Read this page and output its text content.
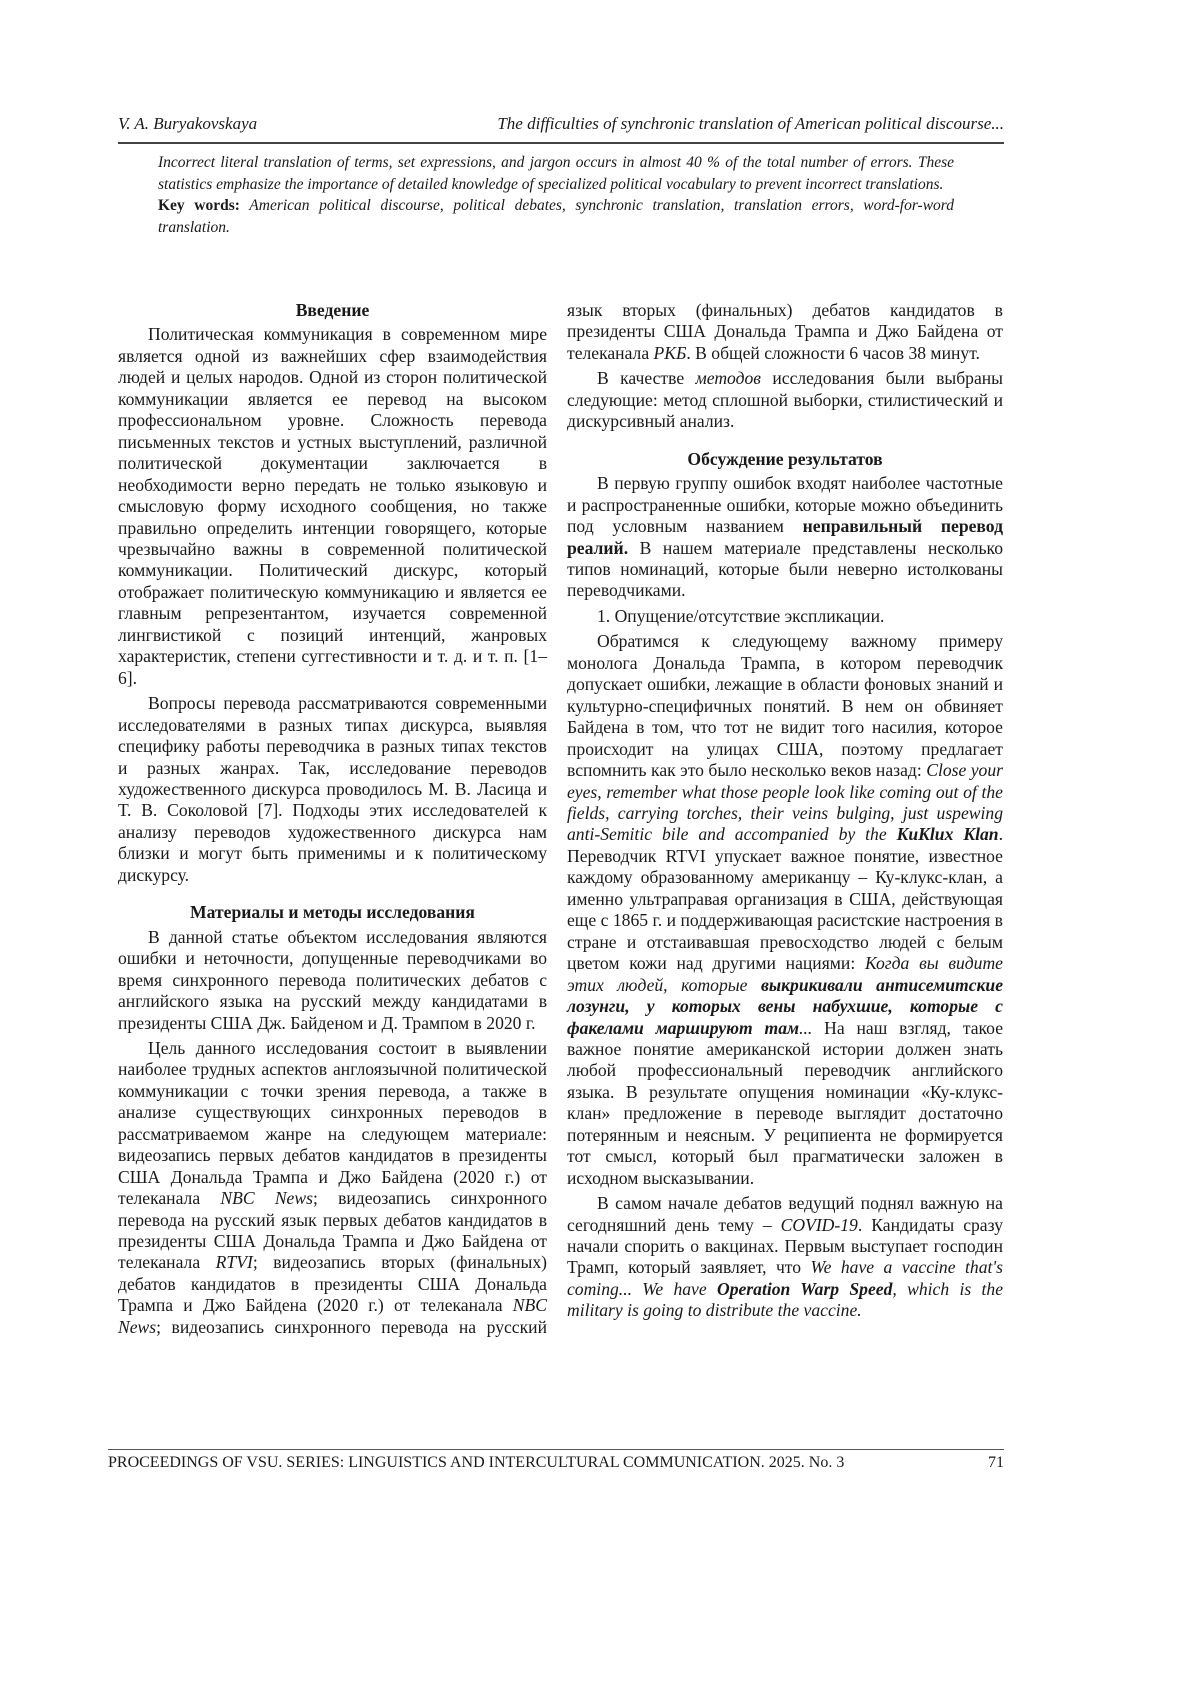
V. A. Buryakovskaya	The difficulties of synchronic translation of American political discourse...
Incorrect literal translation of terms, set expressions, and jargon occurs in almost 40 % of the total number of errors. These statistics emphasize the importance of detailed knowledge of specialized political vocabulary to prevent incorrect translations.
Key words: American political discourse, political debates, synchronic translation, translation errors, word-for-word translation.
Введение

Политическая коммуникация в современном мире является одной из важнейших сфер взаимодействия людей и целых народов. Одной из сторон политической коммуникации является ее перевод на высоком профессиональном уровне. Сложность перевода письменных текстов и устных выступлений, различной политической документации заключается в необходимости верно передать не только языковую и смысловую форму исходного сообщения, но также правильно определить интенции говорящего, которые чрезвычайно важны в современной политической коммуникации. Политический дискурс, который отображает политическую коммуникацию и является ее главным репрезентантом, изучается современной лингвистикой с позиций интенций, жанровых характеристик, степени суггестивности и т. д. и т. п. [1–6].

Вопросы перевода рассматриваются современными исследователями в разных типах дискурса, выявляя специфику работы переводчика в разных типах текстов и разных жанрах. Так, исследование переводов художественного дискурса проводилось М. В. Ласица и Т. В. Соколовой [7]. Подходы этих исследователей к анализу переводов художественного дискурса нам близки и могут быть применимы и к политическому дискурсу.

Материалы и методы исследования

В данной статье объектом исследования являются ошибки и неточности, допущенные переводчиками во время синхронного перевода политических дебатов с английского языка на русский между кандидатами в президенты США Дж. Байденом и Д. Трампом в 2020 г.

Цель данного исследования состоит в выявлении наиболее трудных аспектов англоязычной политической коммуникации с точки зрения перевода, а также в анализе существующих синхронных переводов в рассматриваемом жанре на следующем материале: видеозапись первых дебатов кандидатов в президенты США Дональда Трампа и Джо Байдена (2020 г.) от телеканала NBC News; видеозапись синхронного перевода на русский язык первых дебатов кандидатов в президенты США Дональда Трампа и Джо Байдена от телеканала RTVI; видеозапись вторых (финальных) дебатов кандидатов в президенты США Дональда Трампа и Джо Байдена (2020 г.) от телеканала NBC News; видеозапись синхронного перевода на русский

язык вторых (финальных) дебатов кандидатов в президенты США Дональда Трампа и Джо Байдена от телеканала РКБ. В общей сложности 6 часов 38 минут.

В качестве методов исследования были выбраны следующие: метод сплошной выборки, стилистический и дискурсивный анализ.

Обсуждение результатов

В первую группу ошибок входят наиболее частотные и распространенные ошибки, которые можно объединить под условным названием неправильный перевод реалий. В нашем материале представлены несколько типов номинаций, которые были неверно истолкованы переводчиками.

1. Опущение/отсутствие экспликации.

Обратимся к следующему важному примеру монолога Дональда Трампа, в котором переводчик допускает ошибки, лежащие в области фоновых знаний и культурно-специфичных понятий. В нем он обвиняет Байдена в том, что тот не видит того насилия, которое происходит на улицах США, поэтому предлагает вспомнить как это было несколько веков назад: Close your eyes, remember what those people look like coming out of the fields, carrying torches, their veins bulging, just uspewing anti-Semitic bile and accompanied by the KuKlux Klan. Переводчик RTVI упускает важное понятие, известное каждому образованному американцу – Ку-клукс-клан, а именно ультраправая организация в США, действующая еще с 1865 г. и поддерживающая расистские настроения в стране и отстаивавшая превосходство людей с белым цветом кожи над другими нациями: Когда вы видите этих людей, которые выкрикивали антисемитские лозунги, у которых вены набухшие, которые с факелами маршируют там... На наш взгляд, такое важное понятие американской истории должен знать любой профессиональный переводчик английского языка. В результате опущения номинации «Ку-клукс-клан» предложение в переводе выглядит достаточно потерянным и неясным. У реципиента не формируется тот смысл, который был прагматически заложен в исходном высказывании.

В самом начале дебатов ведущий поднял важную на сегодняшний день тему – COVID-19. Кандидаты сразу начали спорить о вакцинах. Первым выступает господин Трамп, который заявляет, что We have a vaccine that's coming... We have Operation Warp Speed, which is the military is going to distribute the vaccine.

PROCEEDINGS OF VSU. SERIES: LINGUISTICS AND INTERCULTURAL COMMUNICATION. 2025. No. 3	71
